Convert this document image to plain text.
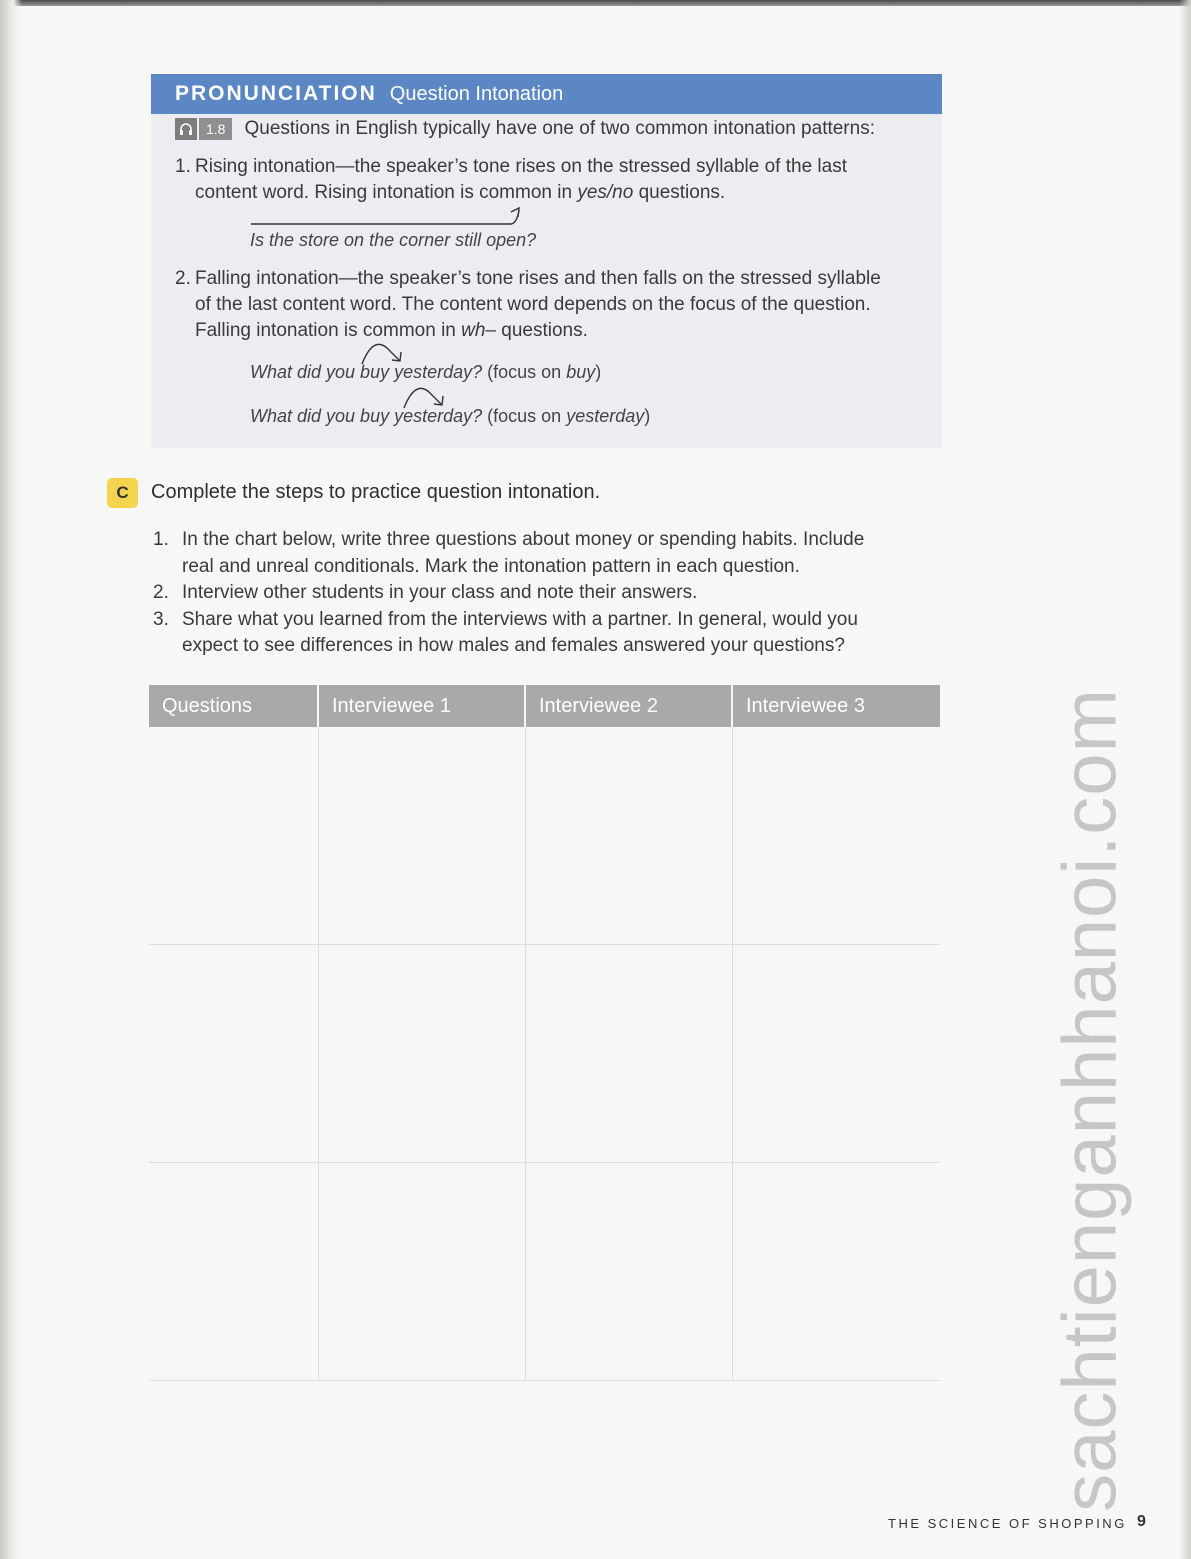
PRONUNCIATION Question Intonation
1.8	Questions in English typically have one of two common intonation patterns:
1. Rising intonation—the speaker’s tone rises on the stressed syllable of the last
content word. Rising intonation is common in yes/no questions.
Is the store on the corner still open?
2. Falling intonation—the speaker’s tone rises and then falls on the stressed syllable
of the last content word. The content word depends on the focus of the question.
Falling intonation is common in wh– questions.
What did you buy yesterday? (focus on buy)
What did you buy yesterday? (focus on yesterday)
C	Complete the steps to practice question intonation.
1. In the chart below, write three questions about money or spending habits. Include
real and unreal conditionals. Mark the intonation pattern in each question.
2. Interview other students in your class and note their answers.
3. Share what you learned from the interviews with a partner. In general, would you
expect to see differences in how males and females answered your questions?
Questions	Interviewee 1	Interviewee 2	Interviewee 3	sachtienganhhanoi.com
THE SCIENCE OF SHOPPING 9
